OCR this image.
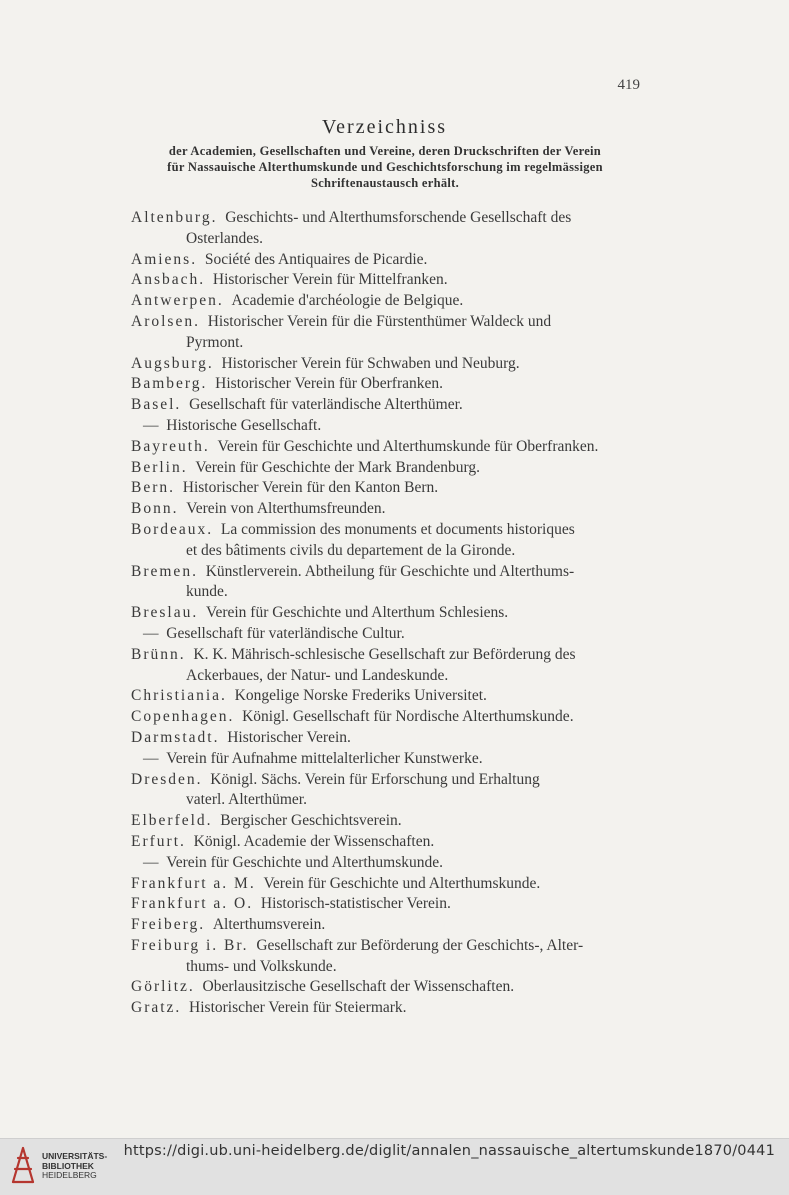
419
Verzeichniss
der Academien, Gesellschaften und Vereine, deren Druckschriften der Verein
für Nassauische Alterthumskunde und Geschichtsforschung im regelmässigen
Schriftenaustausch erhält.
Altenburg. Geschichts- und Alterthumsforschende Gesellschaft des
Osterlandes.
Amiens. Société des Antiquaires de Picardie.
Ansbach. Historischer Verein für Mittelfranken.
Antwerpen. Academie d'archéologie de Belgique.
Arolsen. Historischer Verein für die Fürstenthümer Waldeck und
Pyrmont.
Augsburg. Historischer Verein für Schwaben und Neuburg.
Bamberg. Historischer Verein für Oberfranken.
Basel. Gesellschaft für vaterländische Alterthümer.
— Historische Gesellschaft.
Bayreuth. Verein für Geschichte und Alterthumskunde für Oberfranken.
Berlin. Verein für Geschichte der Mark Brandenburg.
Bern. Historischer Verein für den Kanton Bern.
Bonn. Verein von Alterthumsfreunden.
Bordeaux. La commission des monuments et documents historiques
et des bâtiments civils du departement de la Gironde.
Bremen. Künstlerverein. Abtheilung für Geschichte und Alterthums-
kunde.
Breslau. Verein für Geschichte und Alterthum Schlesiens.
— Gesellschaft für vaterländische Cultur.
Brünn. K. K. Mährisch-schlesische Gesellschaft zur Beförderung des
Ackerbaues, der Natur- und Landeskunde.
Christiania. Kongelige Norske Frederiks Universitet.
Copenhagen. Königl. Gesellschaft für Nordische Alterthumskunde.
Darmstadt. Historischer Verein.
— Verein für Aufnahme mittelalterlicher Kunstwerke.
Dresden. Königl. Sächs. Verein für Erforschung und Erhaltung
vaterl. Alterthümer.
Elberfeld. Bergischer Geschichtsverein.
Erfurt. Königl. Academie der Wissenschaften.
— Verein für Geschichte und Alterthumskunde.
Frankfurt a. M. Verein für Geschichte und Alterthumskunde.
Frankfurt a. O. Historisch-statistischer Verein.
Freiberg. Alterthumsverein.
Freiburg i. Br. Gesellschaft zur Beförderung der Geschichts-, Alter-
thums- und Volkskunde.
Görlitz. Oberlausitzische Gesellschaft der Wissenschaften.
Gratz. Historischer Verein für Steiermark.
UNIVERSITÄTS-
BIBLIOTHEK
HEIDELBERG
https://digi.ub.uni-heidelberg.de/diglit/annalen_nassauische_altertumskunde1870/0441
